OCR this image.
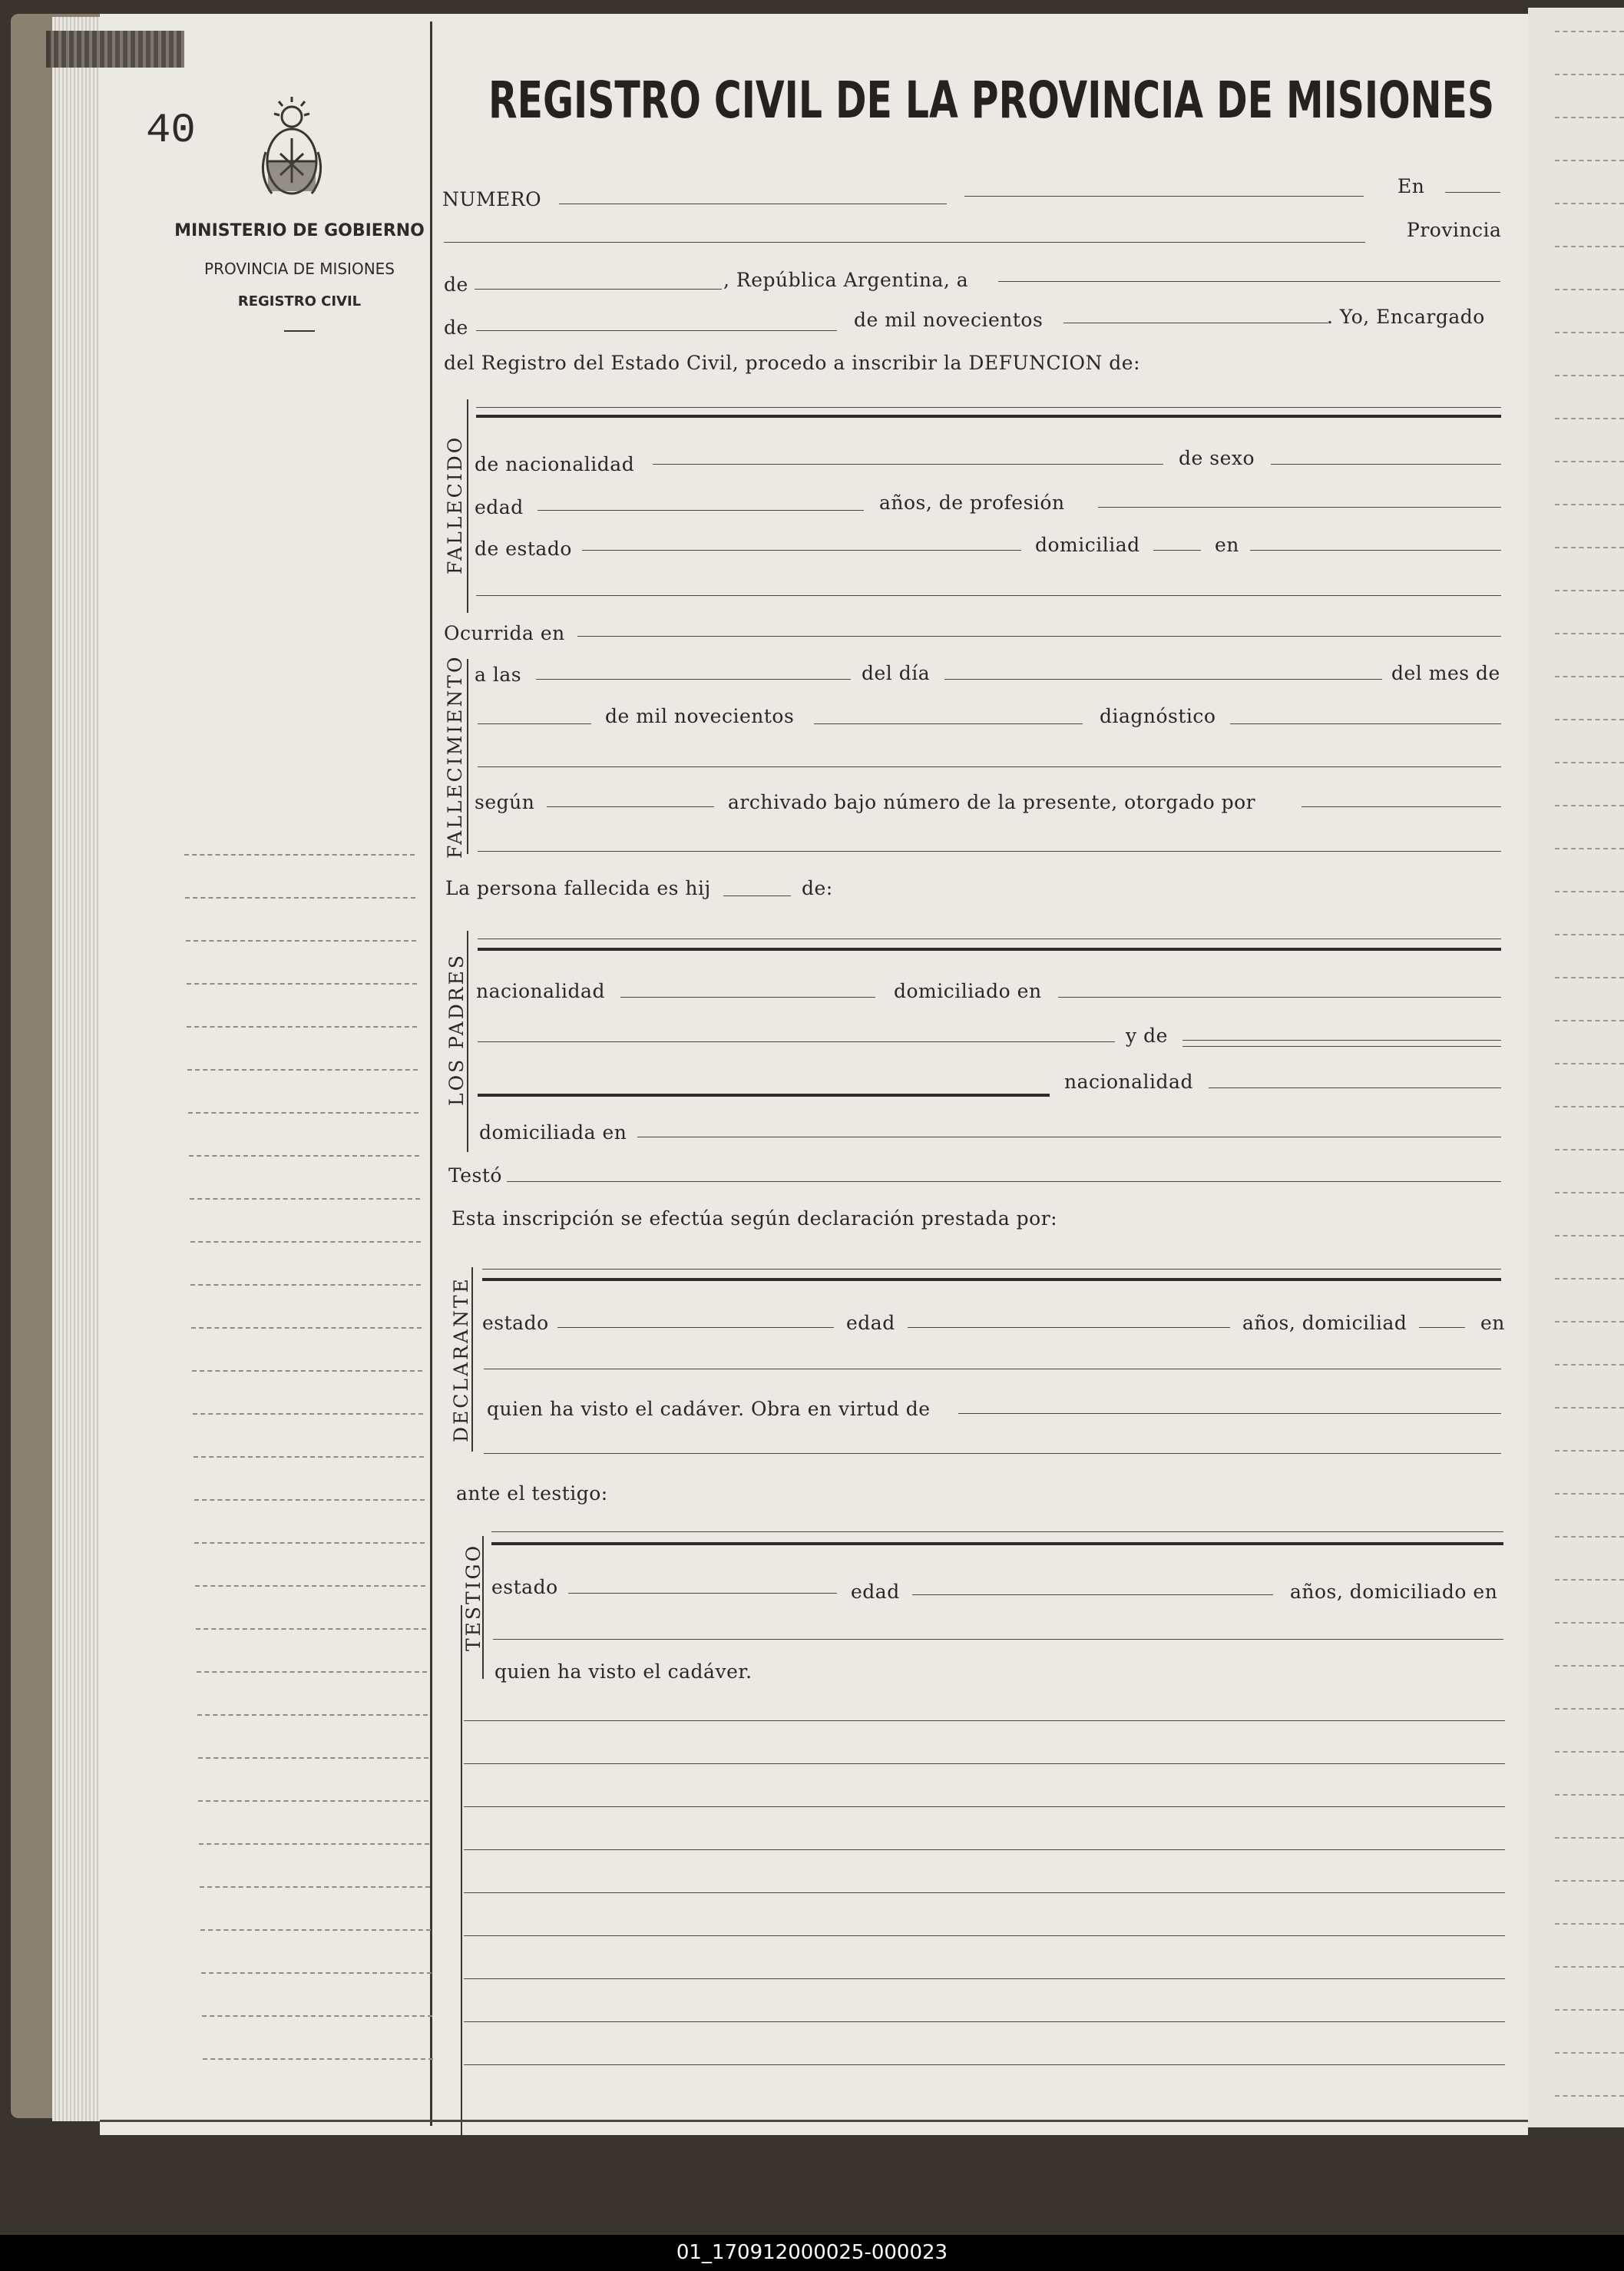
40
MINISTERIO DE GOBIERNO
PROVINCIA DE MISIONES
REGISTRO CIVIL
REGISTRO CIVIL DE LA PROVINCIA DE MISIONES
NUMERO
En
Provincia
de	, República Argentina, a
de	de mil novecientos	. Yo, Encargado
del Registro del Estado Civil, procedo a inscribir la DEFUNCION de:
FALLECIDO de nacionalidad	de sexo
edad	años, de profesión
de estado	domiciliad	en
Ocurrida en
FALLECIMIENTO a las	del día	del mes de
de mil novecientos	diagnóstico
según	archivado bajo número de la presente, otorgado por
La persona fallecida es hij	de:
LOS PADRES nacionalidad	domiciliado en
y de
nacionalidad
domiciliada en
Testó
Esta inscripción se efectúa según declaración prestada por:
DECLARANTE estado	edad	años, domiciliad	en
quien ha visto el cadáver. Obra en virtud de
ante el testigo:
TESTIGO estado	edad	años, domiciliado en
quien ha visto el cadáver.
01_170912000025-000023
